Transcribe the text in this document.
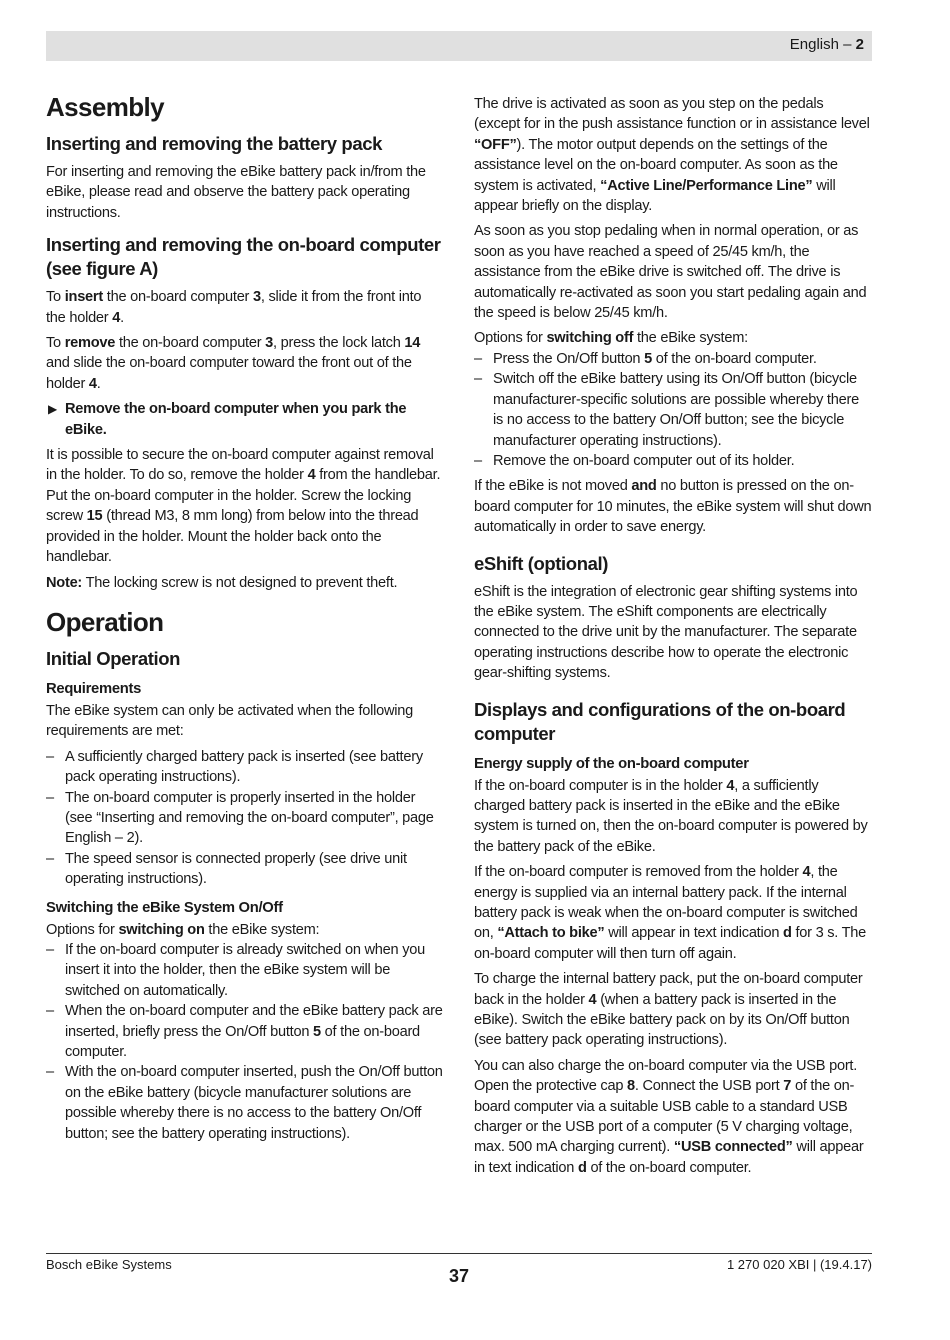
English – 2
Assembly
Inserting and removing the battery pack

For inserting and removing the eBike battery pack in/from the eBike, please read and observe the battery pack operating instructions.

Inserting and removing the on-board computer (see figure A)

To insert the on-board computer 3, slide it from the front into the holder 4.

To remove the on-board computer 3, press the lock latch 14 and slide the on-board computer toward the front out of the holder 4.

▶ Remove the on-board computer when you park the eBike.

It is possible to secure the on-board computer against removal in the holder. To do so, remove the holder 4 from the handlebar. Put the on-board computer in the holder. Screw the locking screw 15 (thread M3, 8 mm long) from below into the thread provided in the holder. Mount the holder back onto the handlebar.

Note: The locking screw is not designed to prevent theft.

Operation
Initial Operation
Requirements

The eBike system can only be activated when the following requirements are met:

– A sufficiently charged battery pack is inserted (see battery pack operating instructions).
– The on-board computer is properly inserted in the holder (see “Inserting and removing the on-board computer”, page English – 2).
– The speed sensor is connected properly (see drive unit operating instructions).
Switching the eBike System On/Off

Options for switching on the eBike system:

– If the on-board computer is already switched on when you insert it into the holder, then the eBike system will be switched on automatically.
– When the on-board computer and the eBike battery pack are inserted, briefly press the On/Off button 5 of the on-board computer.
– With the on-board computer inserted, push the On/Off button on the eBike battery (bicycle manufacturer solutions are possible whereby there is no access to the battery On/Off button; see the battery operating instructions).

The drive is activated as soon as you step on the pedals (except for in the push assistance function or in assistance level “OFF”). The motor output depends on the settings of the assistance level on the on-board computer. As soon as the system is activated, “Active Line/Performance Line” will appear briefly on the display.

As soon as you stop pedaling when in normal operation, or as soon as you have reached a speed of 25/45 km/h, the assistance from the eBike drive is switched off. The drive is automatically re-activated as soon you start pedaling again and the speed is below 25/45 km/h.

Options for switching off the eBike system:

– Press the On/Off button 5 of the on-board computer.
– Switch off the eBike battery using its On/Off button (bicycle manufacturer-specific solutions are possible whereby there is no access to the battery On/Off button; see the bicycle manufacturer operating instructions).
– Remove the on-board computer out of its holder.

If the eBike is not moved and no button is pressed on the on-board computer for 10 minutes, the eBike system will shut down automatically in order to save energy.

eShift (optional)

eShift is the integration of electronic gear shifting systems into the eBike system. The eShift components are electrically connected to the drive unit by the manufacturer. The separate operating instructions describe how to operate the electronic gear-shifting systems.

Displays and configurations of the on-board computer
Energy supply of the on-board computer

If the on-board computer is in the holder 4, a sufficiently charged battery pack is inserted in the eBike and the eBike system is turned on, then the on-board computer is powered by the battery pack of the eBike.

If the on-board computer is removed from the holder 4, the energy is supplied via an internal battery pack. If the internal battery pack is weak when the on-board computer is switched on, “Attach to bike” will appear in text indication d for 3 s. The on-board computer will then turn off again.

To charge the internal battery pack, put the on-board computer back in the holder 4 (when a battery pack is inserted in the eBike). Switch the eBike battery pack on by its On/Off button (see battery pack operating instructions).

You can also charge the on-board computer via the USB port. Open the protective cap 8. Connect the USB port 7 of the on-board computer via a suitable USB cable to a standard USB charger or the USB port of a computer (5 V charging voltage, max. 500 mA charging current). “USB connected” will appear in text indication d of the on-board computer.

Bosch eBike Systems	1 270 020 XBI | (19.4.17)
37
